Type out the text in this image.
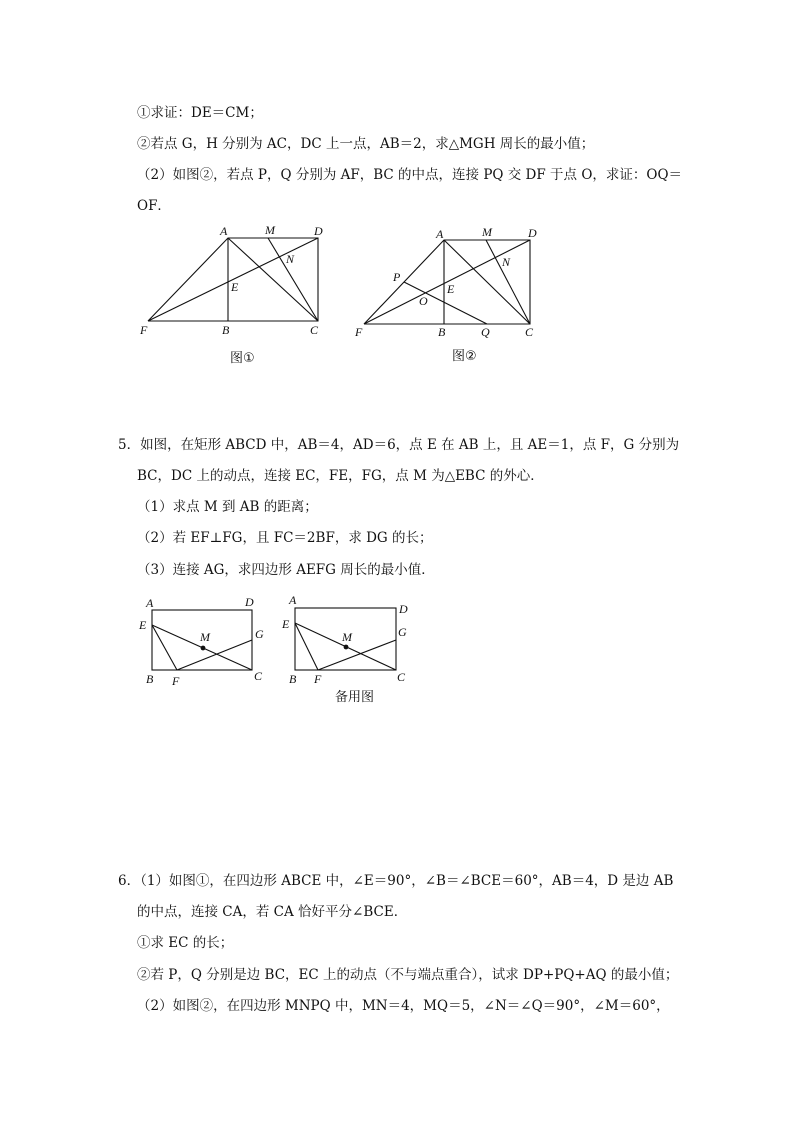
①求证：DE＝CM；
②若点 G，H 分别为 AC，DC 上一点，AB＝2，求△MGH 周长的最小值；
（2）如图②，若点 P，Q 分别为 AF，BC 的中点，连接 PQ 交 DF 于点 O，求证：OQ＝
OF．
A	M	D
N
E
F	B	C
图①
A	M	D
N
P
O
E
F	B	Q	C
图②
5．如图，在矩形 ABCD 中，AB＝4，AD＝6，点 E 在 AB 上，且 AE＝1，点 F，G 分别为
BC，DC 上的动点，连接 EC，FE，FG，点 M 为△EBC 的外心．
（1）求点 M 到 AB 的距离；
（2）若 EF⊥FG，且 FC＝2BF，求 DG 的长；
（3）连接 AG，求四边形 AEFG 周长的最小值．
A	D
E
M	G
B F	C
A
D
E
M	G
B F	C
备用图
6．（1）如图①，在四边形 ABCE 中，∠E＝90°，∠B＝∠BCE＝60°，AB＝4，D 是边 AB
的中点，连接 CA，若 CA 恰好平分∠BCE．
①求 EC 的长；
②若 P，Q 分别是边 BC，EC 上的动点（不与端点重合），试求 DP+PQ+AQ 的最小值；
（2）如图②，在四边形 MNPQ 中，MN＝4，MQ＝5，∠N＝∠Q＝90°，∠M＝60°，
